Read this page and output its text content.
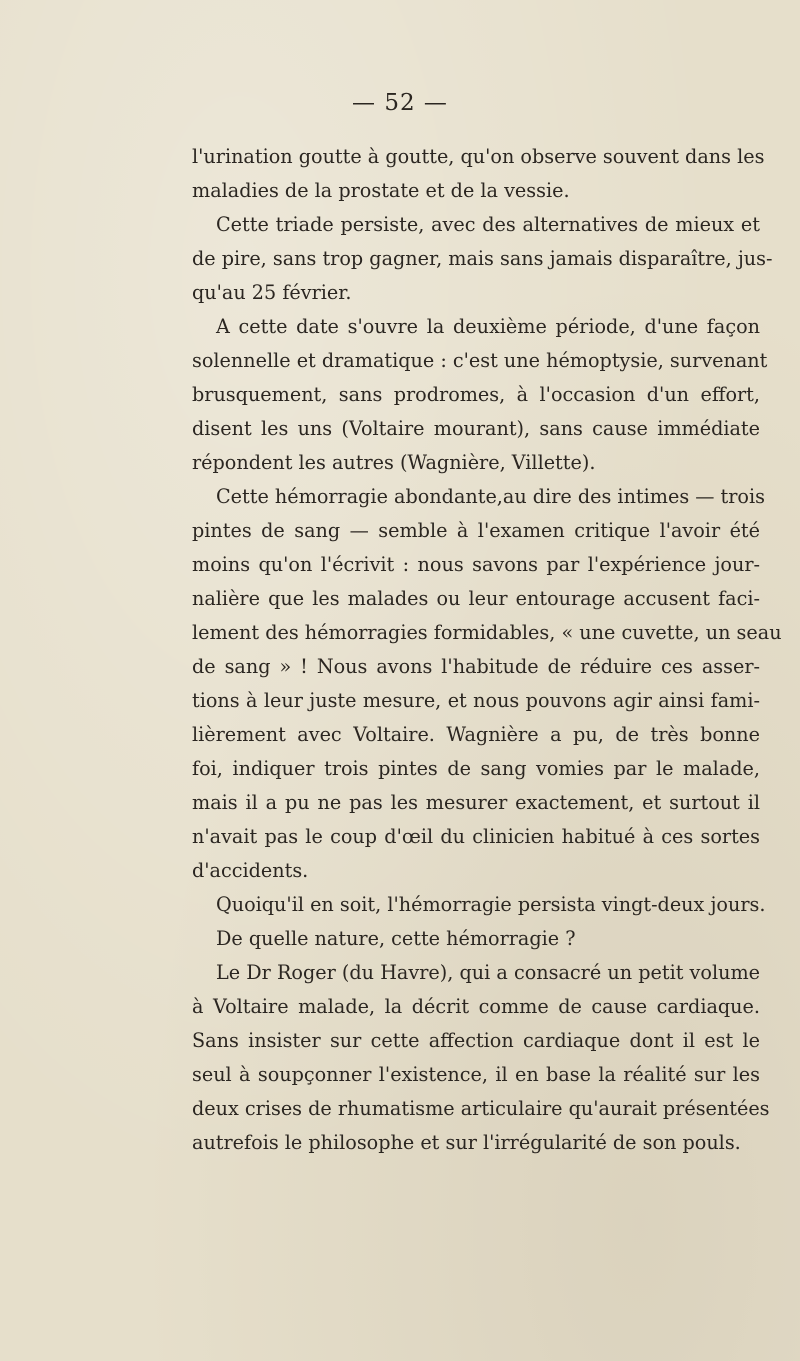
— 52 —
l'urination goutte à goutte, qu'on observe souvent dans les
maladies de la prostate et de la vessie.
Cette triade persiste, avec des alternatives de mieux et
de pire, sans trop gagner, mais sans jamais disparaître, jus-
qu'au 25 février.
A cette date s'ouvre la deuxième période, d'une façon
solennelle et dramatique : c'est une hémoptysie, survenant
brusquement, sans prodromes, à l'occasion d'un effort,
disent les uns (Voltaire mourant), sans cause immédiate
répondent les autres (Wagnière, Villette).
Cette hémorragie abondante,au dire des intimes — trois
pintes de sang — semble à l'examen critique l'avoir été
moins qu'on l'écrivit : nous savons par l'expérience jour-
nalière que les malades ou leur entourage accusent faci-
lement des hémorragies formidables, « une cuvette, un seau
de sang » ! Nous avons l'habitude de réduire ces asser-
tions à leur juste mesure, et nous pouvons agir ainsi fami-
lièrement avec Voltaire. Wagnière a pu, de très bonne
foi, indiquer trois pintes de sang vomies par le malade,
mais il a pu ne pas les mesurer exactement, et surtout il
n'avait pas le coup d'œil du clinicien habitué à ces sortes
d'accidents.
Quoiqu'il en soit, l'hémorragie persista vingt-deux jours.
De quelle nature, cette hémorragie ?
Le Dr Roger (du Havre), qui a consacré un petit volume
à Voltaire malade, la décrit comme de cause cardiaque.
Sans insister sur cette affection cardiaque dont il est le
seul à soupçonner l'existence, il en base la réalité sur les
deux crises de rhumatisme articulaire qu'aurait présentées
autrefois le philosophe et sur l'irrégularité de son pouls.
